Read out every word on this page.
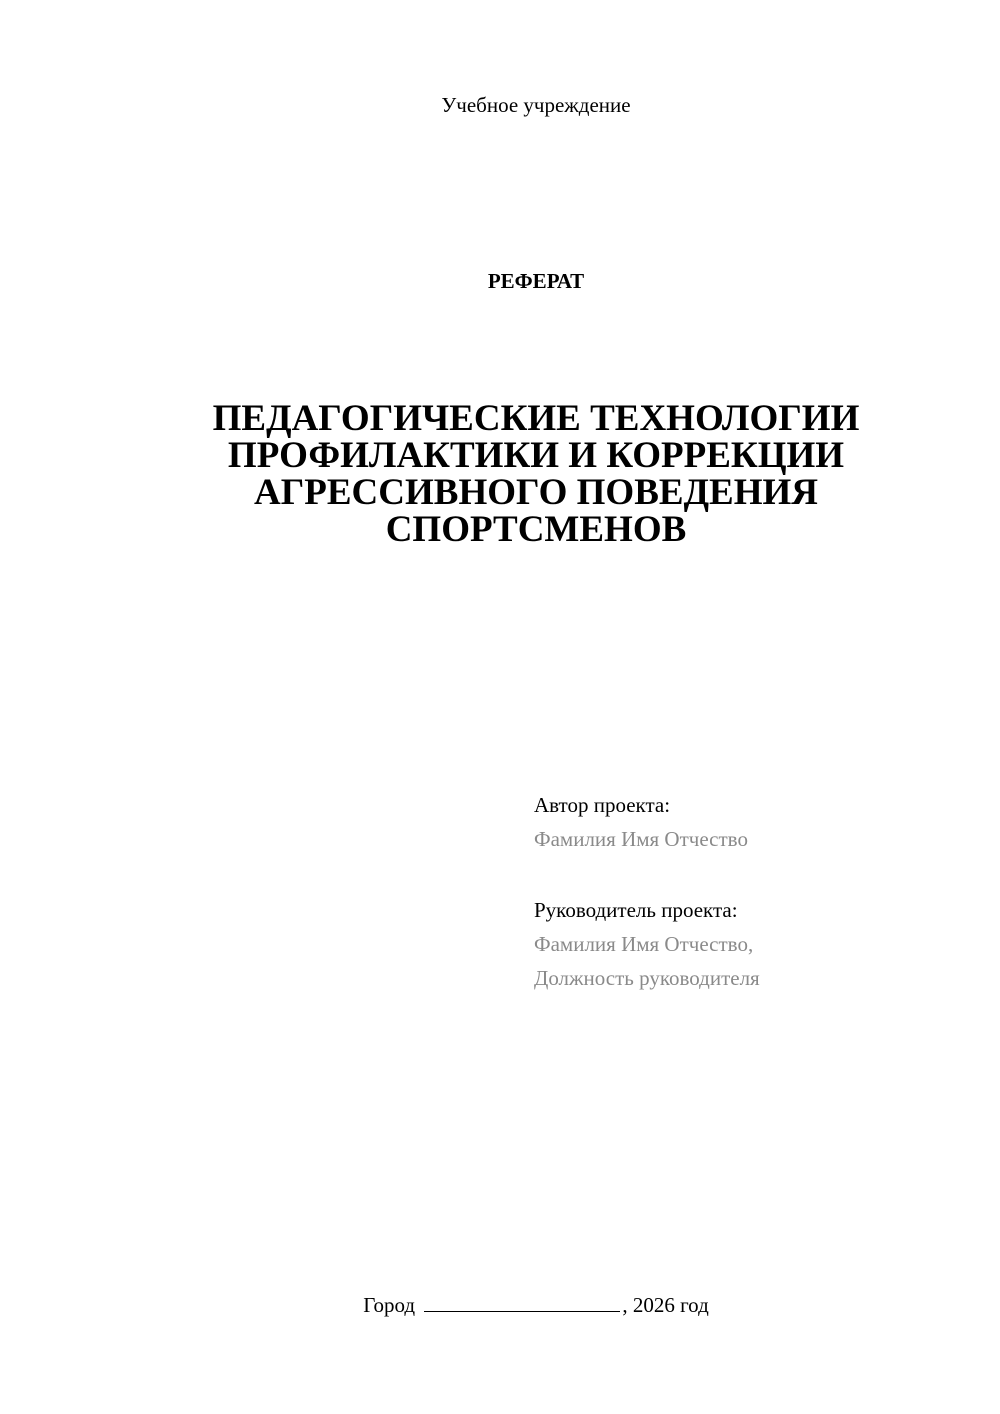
Учебное учреждение
РЕФЕРАТ
ПЕДАГОГИЧЕСКИЕ ТЕХНОЛОГИИ
ПРОФИЛАКТИКИ И КОРРЕКЦИИ
АГРЕССИВНОГО ПОВЕДЕНИЯ
СПОРТСМЕНОВ
Автор проекта:
Фамилия Имя Отчество
Руководитель проекта:
Фамилия Имя Отчество,
Должность руководителя
Город	, 2026 год
